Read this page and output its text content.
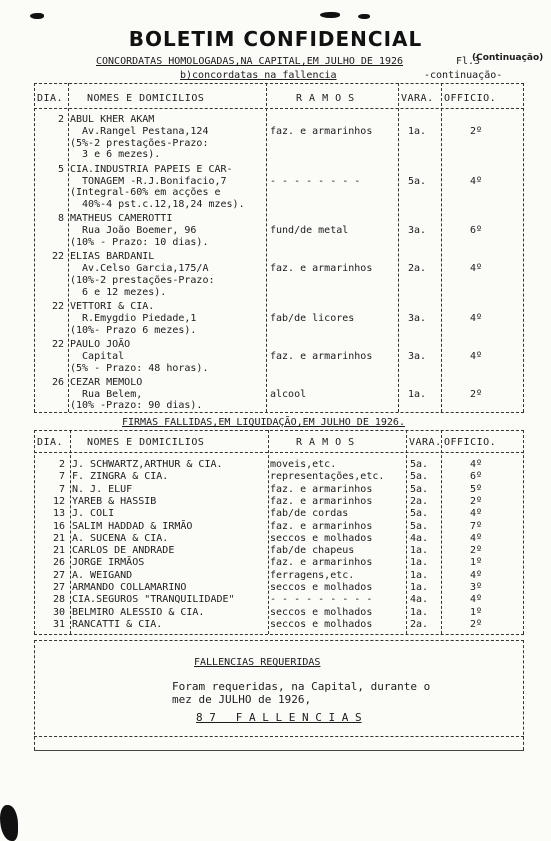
BOLETIM CONFIDENCIAL
(Continuação)
CONCORDATAS HOMOLOGADAS,NA CAPITAL,EM JULHO DE 1926	Fl.3
b)concordatas na fallencia	-continuação-
DIA. NOMES E DOMICILIOS	R A M O S	VARA. OFFICIO.
2 ABUL KHER AKAM
Av.Rangel Pestana,124
(5%-2 prestações-Prazo:
3 e 6 mezes).
faz. e armarinhos	1a.	2º
5 CIA.INDUSTRIA PAPEIS E CAR-
TONAGEM -R.J.Bonifacio,7
(Integral-60% em acções e
40%-4 pst.c.12,18,24 mzes).
- - - - - - - -	5a.	4º
8 MATHEUS CAMEROTTI
Rua João Boemer, 96
(10% - Prazo: 10 dias).
fund/de metal	3a.	6º
22 ELIAS BARDANIL
Av.Celso Garcia,175/A
(10%-2 prestações-Prazo:
6 e 12 mezes).
faz. e armarinhos	2a.	4º
22 VETTORI & CIA.
R.Emygdio Piedade,1
(10%- Prazo 6 mezes).
fab/de licores	3a.	4º
22 PAULO JOÃO
Capital
(5% - Prazo: 48 horas).
faz. e armarinhos	3a.	4º
26 CEZAR MEMOLO
Rua Belem,
(10% -Prazo: 90 dias).
alcool	1a.	2º
FIRMAS FALLIDAS,EM LIQUIDAÇÃO,EM JULHO DE 1926.
DIA. NOMES E DOMICILIOS	R A M O S	VARA. OFFICIO.
2 J. SCHWARTZ,ARTHUR & CIA.	moveis,etc.	5a.	4º
7 F. ZINGRA & CIA.	representações,etc.	5a.	6º
7 N. J. ELUF	faz. e armarinhos	5a.	5º
12 YAREB & HASSIB	faz. e armarinhos	2a.	2º
13 J. COLI	fab/de cordas	5a.	4º
16 SALIM HADDAD & IRMÃO	faz. e armarinhos	5a.	7º
21 A. SUCENA & CIA.	seccos e molhados	4a.	4º
21 CARLOS DE ANDRADE	fab/de chapeus	1a.	2º
26 JORGE IRMÃOS	faz. e armarinhos	1a.	1º
27 A. WEIGAND	ferragens,etc.	1a.	4º
27 ARMANDO COLLAMARINO	seccos e molhados	1a.	3º
28 CIA.SEGUROS "TRANQUILIDADE"	- - - - - - - - -	4a.	4º
30 BELMIRO ALESSIO & CIA.	seccos e molhados	1a.	1º
31 RANCATTI & CIA.	seccos e molhados	2a.	2º
FALLENCIAS REQUERIDAS
Foram requeridas, na Capital, durante o
mez de JULHO de 1926,
8 7   F A L L E N C I A S
